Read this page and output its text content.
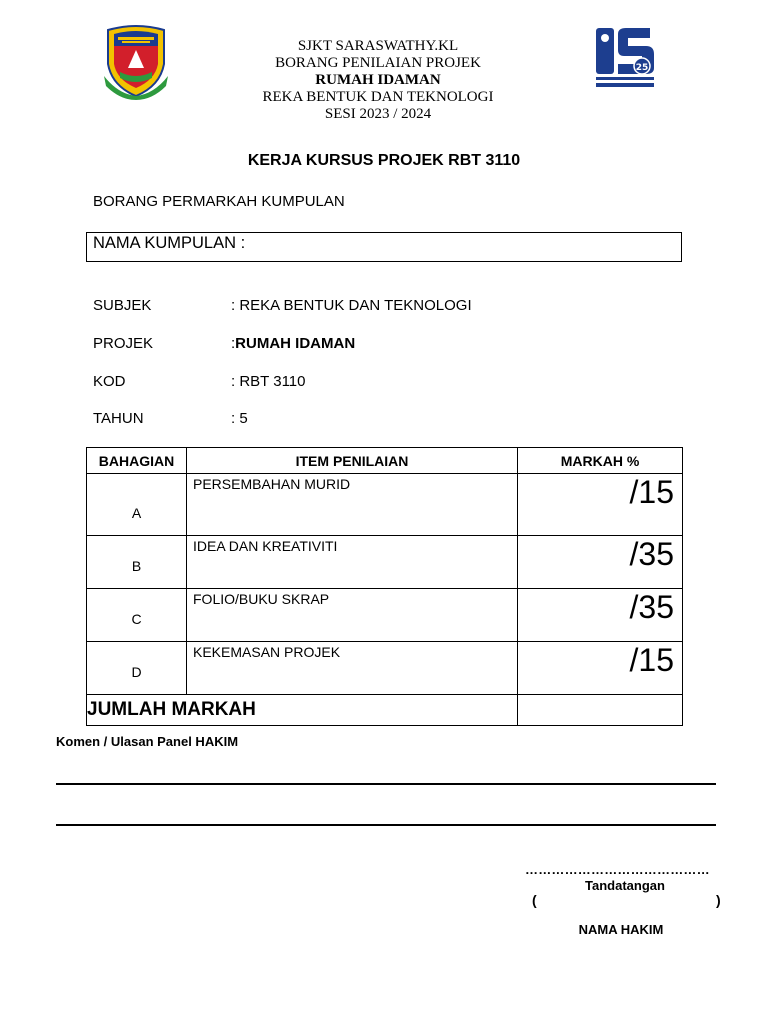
25
SJKT SARASWATHY.KL
BORANG PENILAIAN PROJEK
RUMAH IDAMAN
REKA BENTUK DAN TEKNOLOGI
SESI 2023 / 2024
KERJA KURSUS PROJEK RBT 3110
BORANG PERMARKAH KUMPULAN
NAMA KUMPULAN :
SUBJEK	: REKA BENTUK DAN TEKNOLOGI
PROJEK	:RUMAH IDAMAN
KOD	: RBT 3110
TAHUN	: 5
BAHAGIAN	ITEM PENILAIAN	MARKAH %

A	PERSEMBAHAN MURID	/15

B	IDEA DAN KREATIVITI	/35

C	FOLIO/BUKU SKRAP	/35

D	KEKEMASAN PROJEK	/15
JUMLAH MARKAH		
Komen / Ulasan Panel HAKIM
……………………………………
Tandatangan
(	)
NAMA HAKIM
